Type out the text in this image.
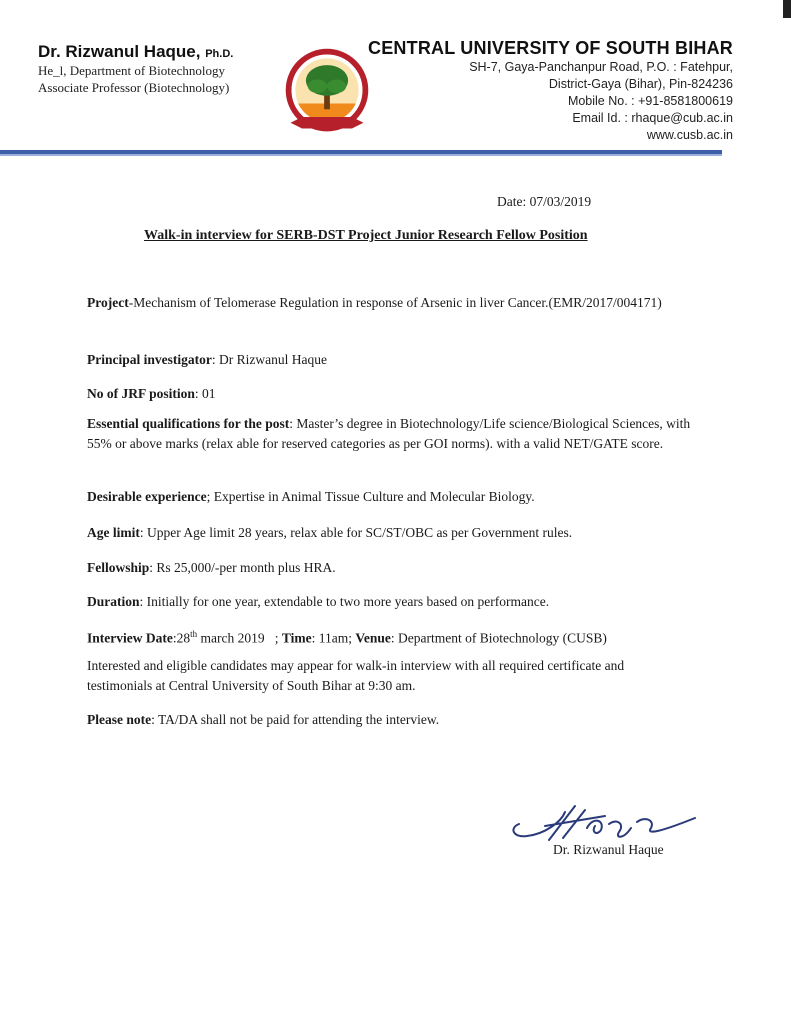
Dr. Rizwanul Haque, Ph.D.
He_l, Department of Biotechnology
Associate Professor (Biotechnology)
CENTRAL UNIVERSITY OF SOUTH BIHAR
SH-7, Gaya-Panchanpur Road, P.O. : Fatehpur,
District-Gaya (Bihar), Pin-824236
Mobile No. : +91-8581800619
Email Id. : rhaque@cub.ac.in
www.cusb.ac.in
Date: 07/03/2019
Walk-in interview for SERB-DST Project Junior Research Fellow Position
Project-Mechanism of Telomerase Regulation in response of Arsenic in liver Cancer.(EMR/2017/004171)
Principal investigator: Dr Rizwanul Haque
No of JRF position: 01
Essential qualifications for the post: Master’s degree in Biotechnology/Life science/Biological Sciences, with 55% or above marks (relax able for reserved categories as per GOI norms). with a valid NET/GATE score.
Desirable experience; Expertise in Animal Tissue Culture and Molecular Biology.
Age limit: Upper Age limit 28 years, relax able for SC/ST/OBC as per Government rules.
Fellowship: Rs 25,000/-per month plus HRA.
Duration: Initially for one year, extendable to two more years based on performance.
Interview Date:28th march 2019   ; Time: 11am; Venue: Department of Biotechnology (CUSB)
Interested and eligible candidates may appear for walk-in interview with all required certificate and testimonials at Central University of South Bihar at 9:30 am.
Please note: TA/DA shall not be paid for attending the interview.
Dr. Rizwanul Haque
